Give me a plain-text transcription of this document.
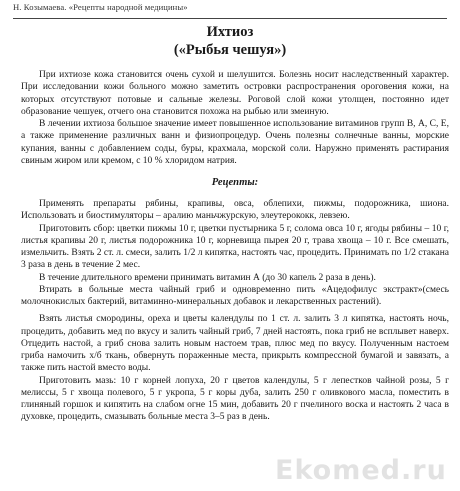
Н. Козымаева. «Рецепты народной медицины»
Ихтиоз
(«Рыбья чешуя»)

При ихтиозе кожа становится очень сухой и шелушится. Болезнь носит наследственный характер. При исследовании кожи больного можно заметить островки распространения ороговения кожи, на которых отсутствуют потовые и сальные железы. Роговой слой кожи утолщен, постоянно идет образование чешуек, отчего она становится похожа на рыбью или змеиную.

В лечении ихтиоза большое значение имеет повышенное использование витаминов групп В, А, С, Е, а также применение различных ванн и физиопроцедур. Очень полезны солнечные ванны, морские купания, ванны с добавлением соды, буры, крахмала, морской соли. Наружно применять растирания свиным жиром или кремом, с 10 % хлоридом натрия.

Рецепты:

Применять препараты рябины, крапивы, овса, облепихи, пижмы, подорожника, шиона. Использовать и биостимуляторы – аралию маньчжурскую, элеутерококк, левзею.

Приготовить сбор: цветки пижмы 10 г, цветки пустырника 5 г, солома овса 10 г, ягоды рябины – 10 г, листья крапивы 20 г, листья подорожника 10 г, корневища пырея 20 г, трава хвоща – 10 г. Все смешать, измельчить. Взять 2 ст. л. смеси, залить 1/2 л кипятка, настоять час, процедить. Принимать по 1/2 стакана 3 раза в день в течение 2 мес.

В течение длительного времени принимать витамин А (до 30 капель 2 раза в день).

Втирать в больные места чайный гриб и одновременно пить «Ацедофилус экстракт»(смесь молочнокислых бактерий, витаминно-минеральных добавок и лекарственных растений).

Взять листья смородины, ореха и цветы календулы по 1 ст. л. залить 3 л кипятка, настоять ночь, процедить, добавить мед по вкусу и залить чайный гриб, 7 дней настоять, пока гриб не всплывет наверх. Отцедить настой, а гриб снова залить новым настоем трав, плюс мед по вкусу. Полученным настоем гриба намочить х/б ткань, обвернуть пораженные места, прикрыть компрессной бумагой и завязать, а также пить настой вместо воды.

Приготовить мазь: 10 г корней лопуха, 20 г цветов календулы, 5 г лепестков чайной розы, 5 г мелиссы, 5 г хвоща полевого, 5 г укропа, 5 г коры дуба, залить 250 г оливкового масла, поместить в глиняный горшок и кипятить на слабом огне 15 мин, добавить 20 г пчелиного воска и настоять 2 часа в духовке, процедить, смазывать больные места 3–5 раз в день.

Ekomed.ru
